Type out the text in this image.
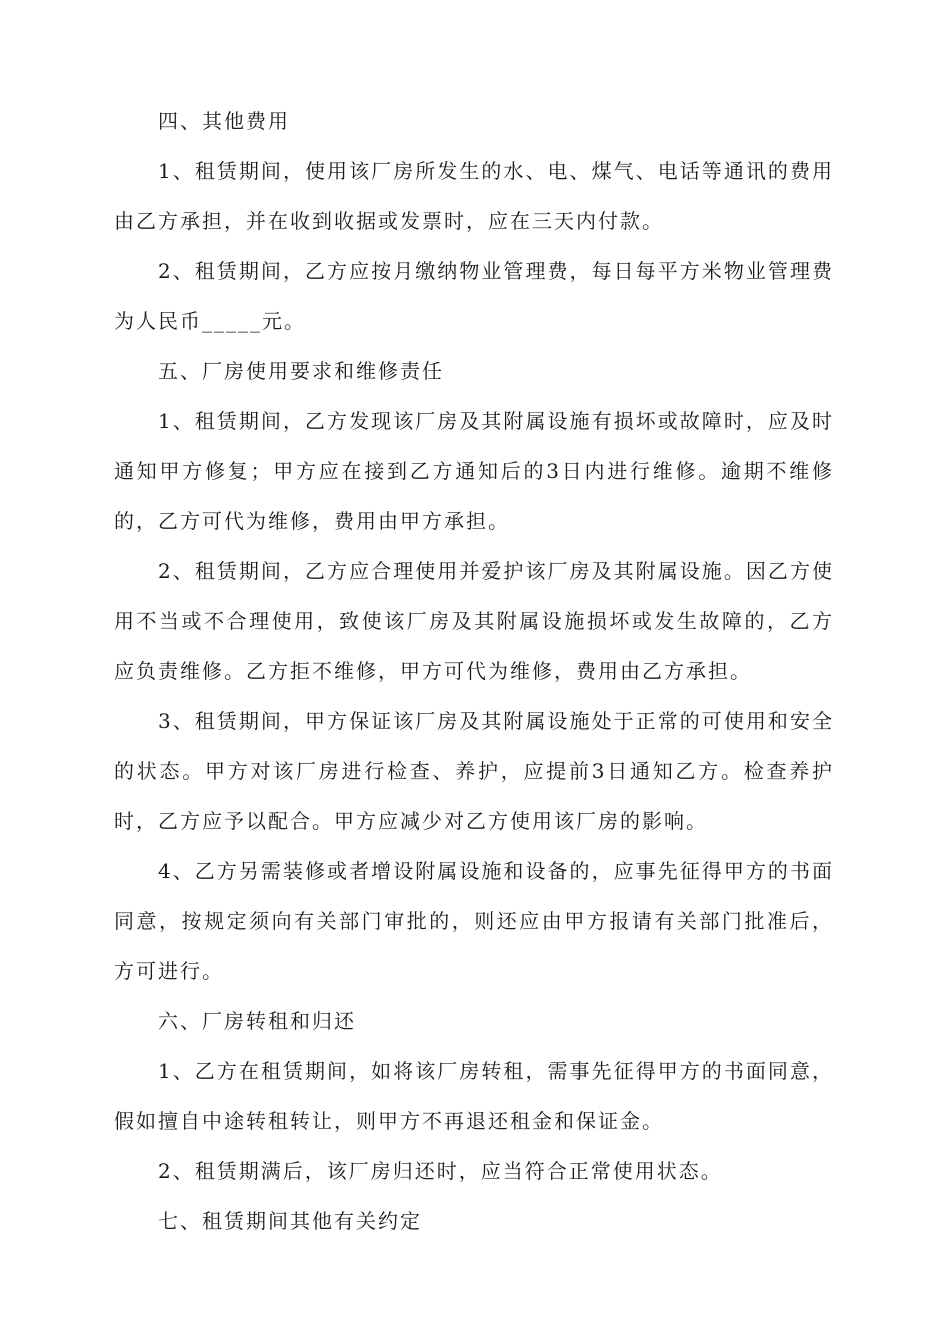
四、其他费用

1、租赁期间，使用该厂房所发生的水、电、煤气、电话等通讯的费用由乙方承担，并在收到收据或发票时，应在三天内付款。

2、租赁期间，乙方应按月缴纳物业管理费，每日每平方米物业管理费为人民币_____元。

五、厂房使用要求和维修责任

1、租赁期间，乙方发现该厂房及其附属设施有损坏或故障时，应及时通知甲方修复；甲方应在接到乙方通知后的3日内进行维修。逾期不维修的，乙方可代为维修，费用由甲方承担。

2、租赁期间，乙方应合理使用并爱护该厂房及其附属设施。因乙方使用不当或不合理使用，致使该厂房及其附属设施损坏或发生故障的，乙方应负责维修。乙方拒不维修，甲方可代为维修，费用由乙方承担。

3、租赁期间，甲方保证该厂房及其附属设施处于正常的可使用和安全的状态。甲方对该厂房进行检查、养护，应提前3日通知乙方。检查养护时，乙方应予以配合。甲方应减少对乙方使用该厂房的影响。

4、乙方另需装修或者增设附属设施和设备的，应事先征得甲方的书面同意，按规定须向有关部门审批的，则还应由甲方报请有关部门批准后，方可进行。

六、厂房转租和归还

1、乙方在租赁期间，如将该厂房转租，需事先征得甲方的书面同意，假如擅自中途转租转让，则甲方不再退还租金和保证金。

2、租赁期满后，该厂房归还时，应当符合正常使用状态。

七、租赁期间其他有关约定
